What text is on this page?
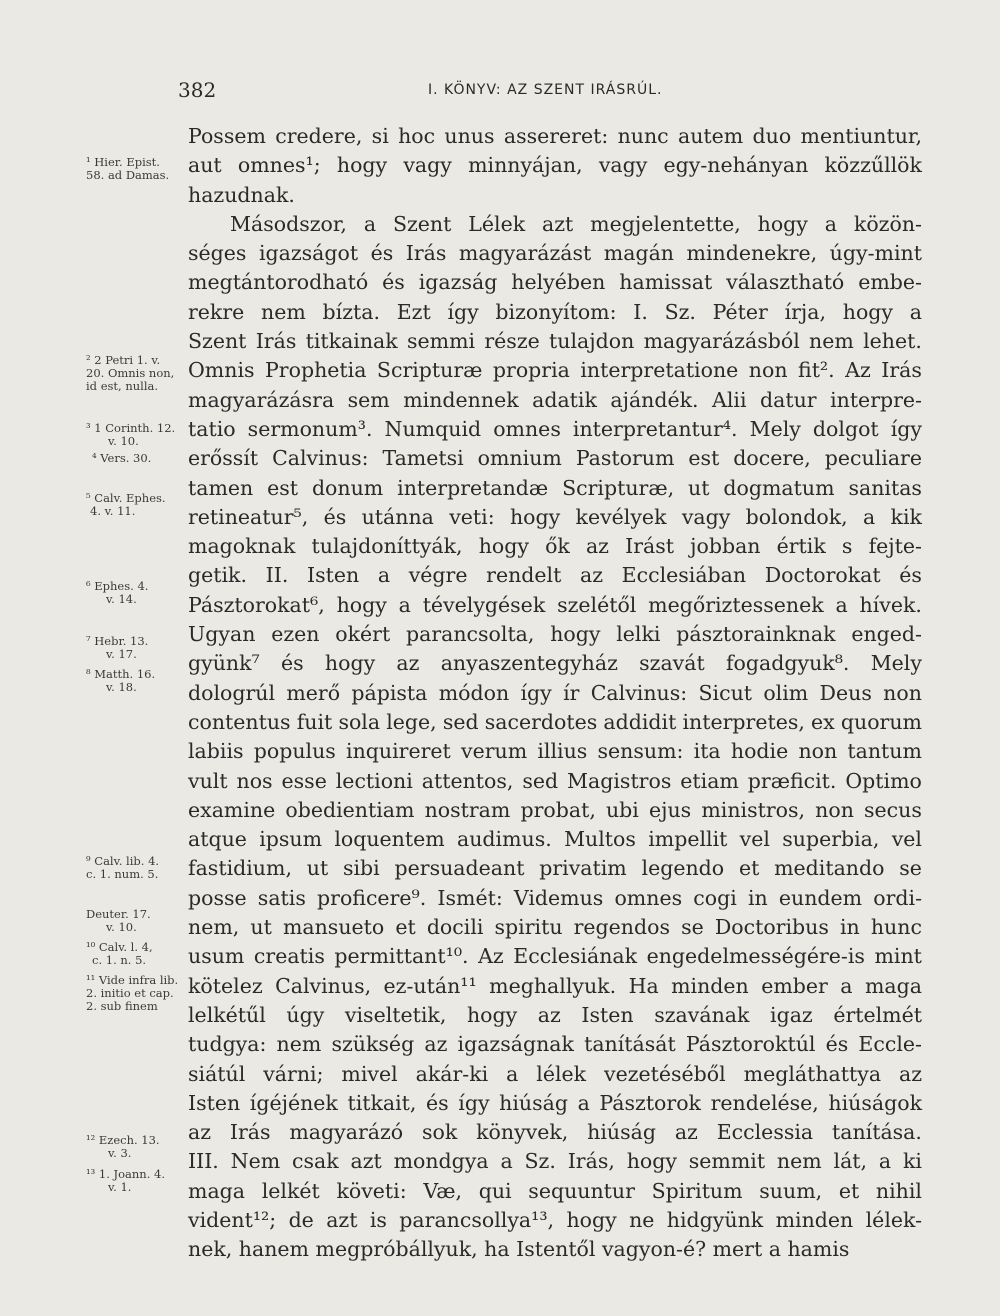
382	I. KÖNYV: AZ SZENT IRÁSRÚL.
¹ Hier. Epist.
58. ad Damas.
² 2 Petri 1. v.
20. Omnis non,
id est, nulla.
³ 1 Corinth. 12.
v. 10.
⁴ Vers. 30.
⁵ Calv. Ephes.
4. v. 11.
⁶ Ephes. 4.
v. 14.
⁷ Hebr. 13.
v. 17.
⁸ Matth. 16.
v. 18.
⁹ Calv. lib. 4.
c. 1. num. 5.
Deuter. 17.
v. 10.
¹⁰ Calv. l. 4,
c. 1. n. 5.
¹¹ Vide infra lib.
2. initio et cap.
2. sub finem
¹² Ezech. 13.
v. 3.
¹³ 1. Joann. 4.
v. 1.
Possem credere, si hoc unus assereret: nunc autem duo mentiuntur,
aut omnes¹; hogy vagy minnyájan, vagy egy-nehányan közzűllök
hazudnak.
Másodszor, a Szent Lélek azt megjelentette, hogy a közön-
séges igazságot és Irás magyarázást magán mindenekre, úgy-mint
megtántorodható és igazság helyében hamissat választható embe-
rekre nem bízta. Ezt így bizonyítom: I. Sz. Péter írja, hogy a
Szent Irás titkainak semmi része tulajdon magyarázásból nem lehet.
Omnis Prophetia Scripturæ propria interpretatione non fit². Az Irás
magyarázásra sem mindennek adatik ajándék. Alii datur interpre-
tatio sermonum³. Numquid omnes interpretantur⁴. Mely dolgot így
erőssít Calvinus: Tametsi omnium Pastorum est docere, peculiare
tamen est donum interpretandæ Scripturæ, ut dogmatum sanitas
retineatur⁵, és utánna veti: hogy kevélyek vagy bolondok, a kik
magoknak tulajdoníttyák, hogy ők az Irást jobban értik s fejte-
getik. II. Isten a végre rendelt az Ecclesiában Doctorokat és
Pásztorokat⁶, hogy a tévelygések szelétől megőriztessenek a hívek.
Ugyan ezen okért parancsolta, hogy lelki pásztorainknak enged-
gyünk⁷ és hogy az anyaszentegyház szavát fogadgyuk⁸. Mely
dologrúl merő pápista módon így ír Calvinus: Sicut olim Deus non
contentus fuit sola lege, sed sacerdotes addidit interpretes, ex quorum
labiis populus inquireret verum illius sensum: ita hodie non tantum
vult nos esse lectioni attentos, sed Magistros etiam præficit. Optimo
examine obedientiam nostram probat, ubi ejus ministros, non secus
atque ipsum loquentem audimus. Multos impellit vel superbia, vel
fastidium, ut sibi persuadeant privatim legendo et meditando se
posse satis proficere⁹. Ismét: Videmus omnes cogi in eundem ordi-
nem, ut mansueto et docili spiritu regendos se Doctoribus in hunc
usum creatis permittant¹⁰. Az Ecclesiának engedelmességére-is mint
kötelez Calvinus, ez-után¹¹ meghallyuk. Ha minden ember a maga
lelkétűl úgy viseltetik, hogy az Isten szavának igaz értelmét
tudgya: nem szükség az igazságnak tanítását Pásztoroktúl és Eccle-
siátúl várni; mivel akár-ki a lélek vezetéséből megláthattya az
Isten ígéjének titkait, és így hiúság a Pásztorok rendelése, hiúságok
az Irás magyarázó sok könyvek, hiúság az Ecclessia tanítása.
III. Nem csak azt mondgya a Sz. Irás, hogy semmit nem lát, a ki
maga lelkét követi: Væ, qui sequuntur Spiritum suum, et nihil
vident¹²; de azt is parancsollya¹³, hogy ne hidgyünk minden lélek-
nek, hanem megpróbállyuk, ha Istentől vagyon-é? mert a hamis
